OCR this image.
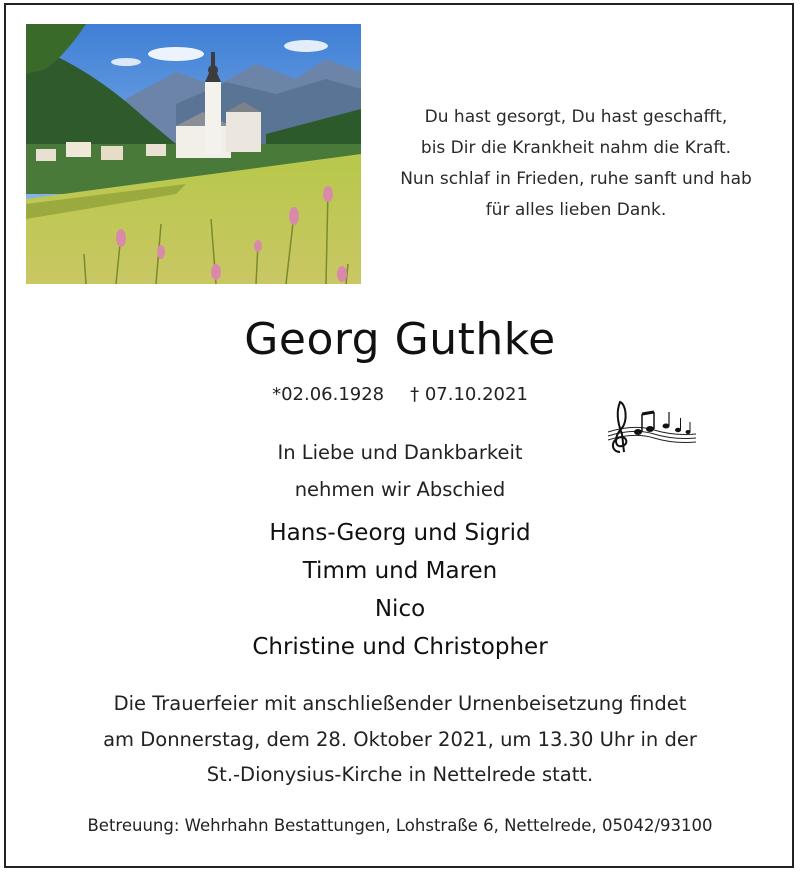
Du hast gesorgt, Du hast geschafft,
bis Dir die Krankheit nahm die Kraft.
Nun schlaf in Frieden, ruhe sanft und hab
für alles lieben Dank.
Georg Guthke
*02.06.1928 † 07.10.2021
In Liebe und Dankbarkeit
nehmen wir Abschied
Hans-Georg und Sigrid
Timm und Maren
Nico
Christine und Christopher
Die Trauerfeier mit anschließender Urnenbeisetzung findet
am Donnerstag, dem 28. Oktober 2021, um 13.30 Uhr in der
St.-Dionysius-Kirche in Nettelrede statt.
Betreuung: Wehrhahn Bestattungen, Lohstraße 6, Nettelrede, 05042/93100
